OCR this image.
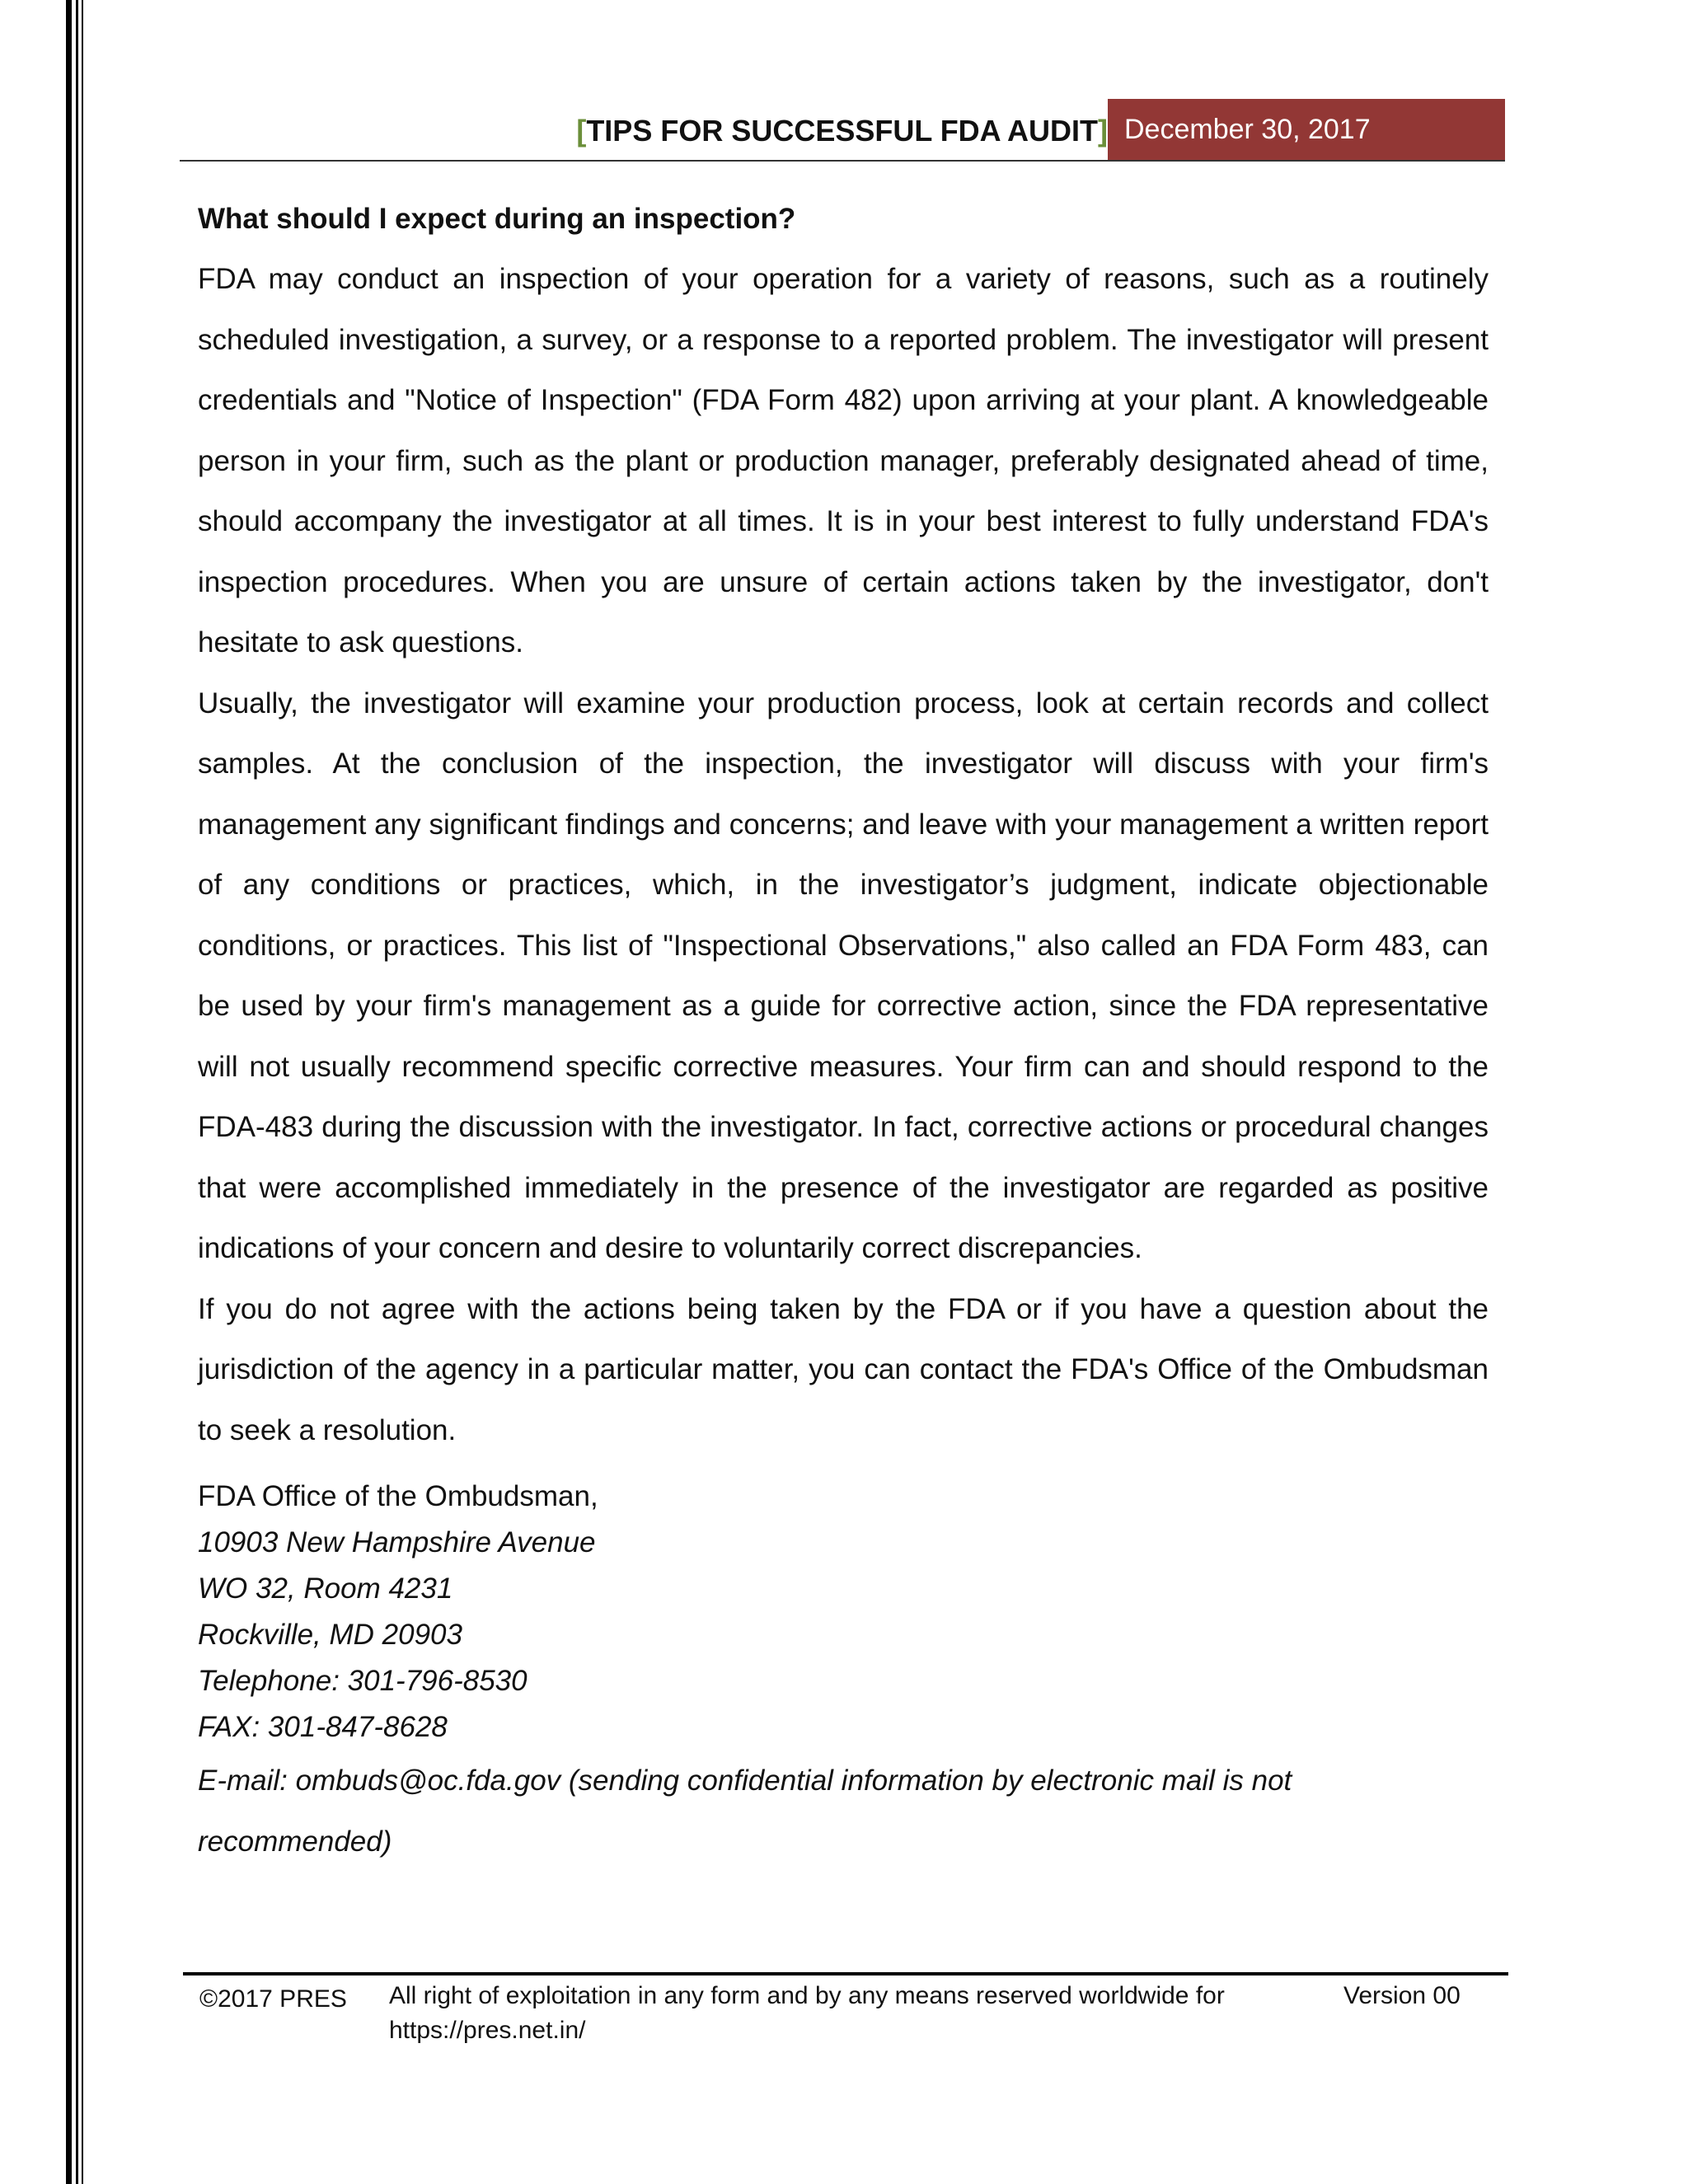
[TIPS FOR SUCCESSFUL FDA AUDIT] December 30, 2017
What should I expect during an inspection?

FDA may conduct an inspection of your operation for a variety of reasons, such as a routinely scheduled investigation, a survey, or a response to a reported problem. The investigator will present credentials and "Notice of Inspection" (FDA Form 482) upon arriving at your plant. A knowledgeable person in your firm, such as the plant or production manager, preferably designated ahead of time, should accompany the investigator at all times. It is in your best interest to fully understand FDA's inspection procedures. When you are unsure of certain actions taken by the investigator, don't hesitate to ask questions.

Usually, the investigator will examine your production process, look at certain records and collect samples. At the conclusion of the inspection, the investigator will discuss with your firm's management any significant findings and concerns; and leave with your management a written report of any conditions or practices, which, in the investigator’s judgment, indicate objectionable conditions, or practices. This list of "Inspectional Observations," also called an FDA Form 483, can be used by your firm's management as a guide for corrective action, since the FDA representative will not usually recommend specific corrective measures. Your firm can and should respond to the FDA-483 during the discussion with the investigator. In fact, corrective actions or procedural changes that were accomplished immediately in the presence of the investigator are regarded as positive indications of your concern and desire to voluntarily correct discrepancies.

If you do not agree with the actions being taken by the FDA or if you have a question about the jurisdiction of the agency in a particular matter, you can contact the FDA's Office of the Ombudsman to seek a resolution.

FDA Office of the Ombudsman,
10903 New Hampshire Avenue
WO 32, Room 4231
Rockville, MD 20903
Telephone: 301-796-8530
FAX: 301-847-8628
E-mail: ombuds@oc.fda.gov (sending confidential information by electronic mail is not recommended)
©2017 PRES All right of exploitation in any form and by any means reserved worldwide for https://pres.net.in/
Version 00
